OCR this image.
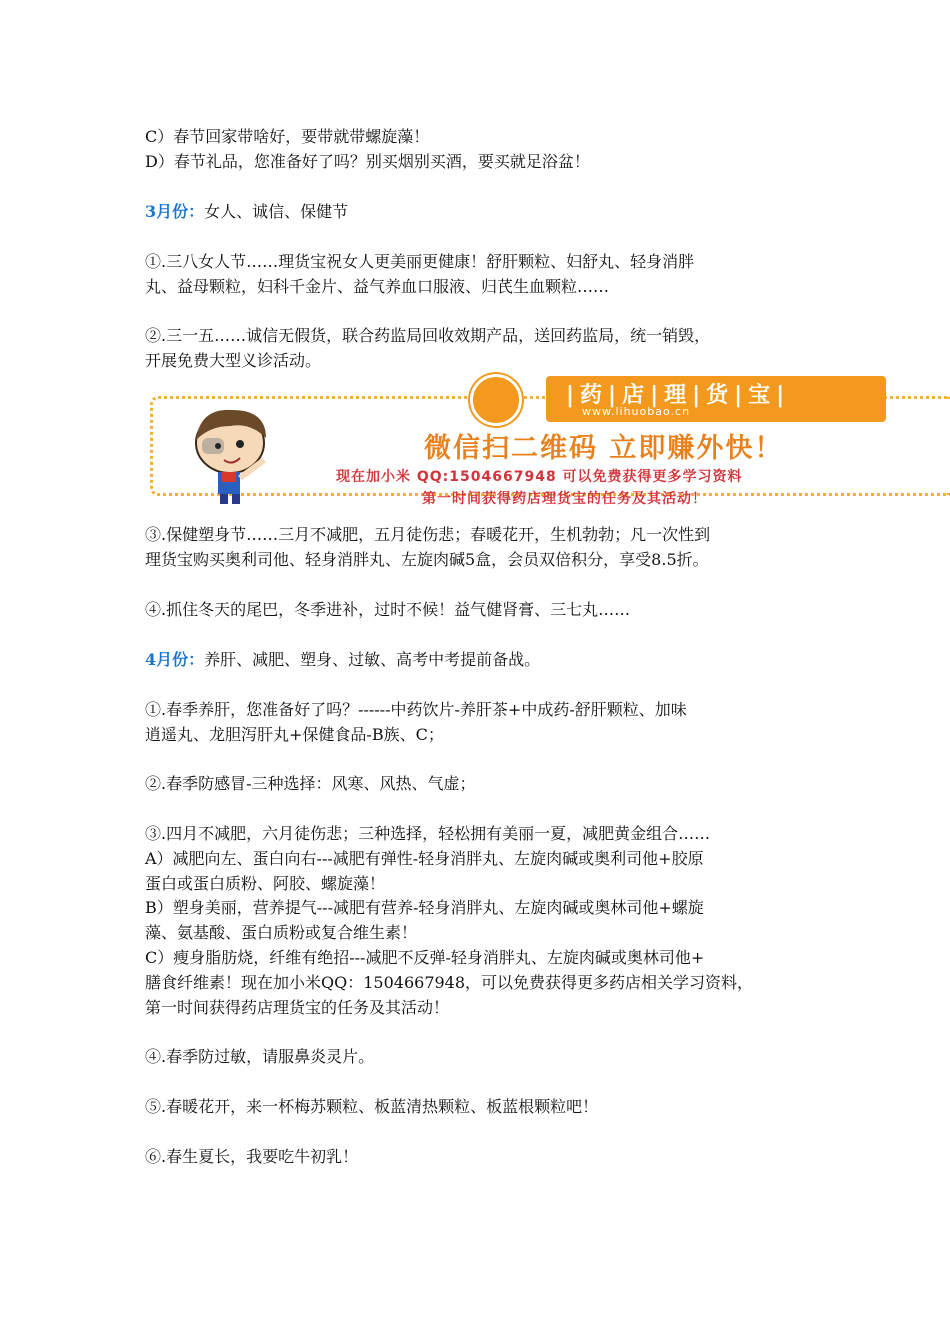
C）春节回家带啥好，要带就带螺旋藻！
D）春节礼品，您准备好了吗？别买烟别买酒，要买就足浴盆！
3月份：女人、诚信、保健节
①.三八女人节……理货宝祝女人更美丽更健康！舒肝颗粒、妇舒丸、轻身消胖
丸、益母颗粒，妇科千金片、益气养血口服液、归芪生血颗粒……
②.三一五……诚信无假货，联合药监局回收效期产品，送回药监局，统一销毁，
开展免费大型义诊活动。
|药|店|理|货|宝|
www.lihuobao.cn
微信扫二维码 立即赚外快！
现在加小米 QQ:1504667948 可以免费获得更多学习资料
第一时间获得药店理货宝的任务及其活动！
③.保健塑身节……三月不减肥，五月徒伤悲；春暖花开，生机勃勃；凡一次性到
理货宝购买奥利司他、轻身消胖丸、左旋肉碱5盒，会员双倍积分，享受8.5折。
④.抓住冬天的尾巴，冬季进补，过时不候！益气健肾膏、三七丸……
4月份：养肝、减肥、塑身、过敏、高考中考提前备战。
①.春季养肝，您准备好了吗？------中药饮片-养肝茶+中成药-舒肝颗粒、加味
逍遥丸、龙胆泻肝丸+保健食品-B族、C；
②.春季防感冒-三种选择：风寒、风热、气虚；
③.四月不减肥，六月徒伤悲；三种选择，轻松拥有美丽一夏，减肥黄金组合……
A）减肥向左、蛋白向右---减肥有弹性-轻身消胖丸、左旋肉碱或奥利司他+胶原
蛋白或蛋白质粉、阿胶、螺旋藻！
B）塑身美丽，营养提气---减肥有营养-轻身消胖丸、左旋肉碱或奥林司他+螺旋
藻、氨基酸、蛋白质粉或复合维生素！
C）瘦身脂肪烧，纤维有绝招---减肥不反弹-轻身消胖丸、左旋肉碱或奥林司他+
膳食纤维素！现在加小米QQ：1504667948，可以免费获得更多药店相关学习资料，
第一时间获得药店理货宝的任务及其活动！
④.春季防过敏，请服鼻炎灵片。
⑤.春暖花开，来一杯梅苏颗粒、板蓝清热颗粒、板蓝根颗粒吧！
⑥.春生夏长，我要吃牛初乳！
